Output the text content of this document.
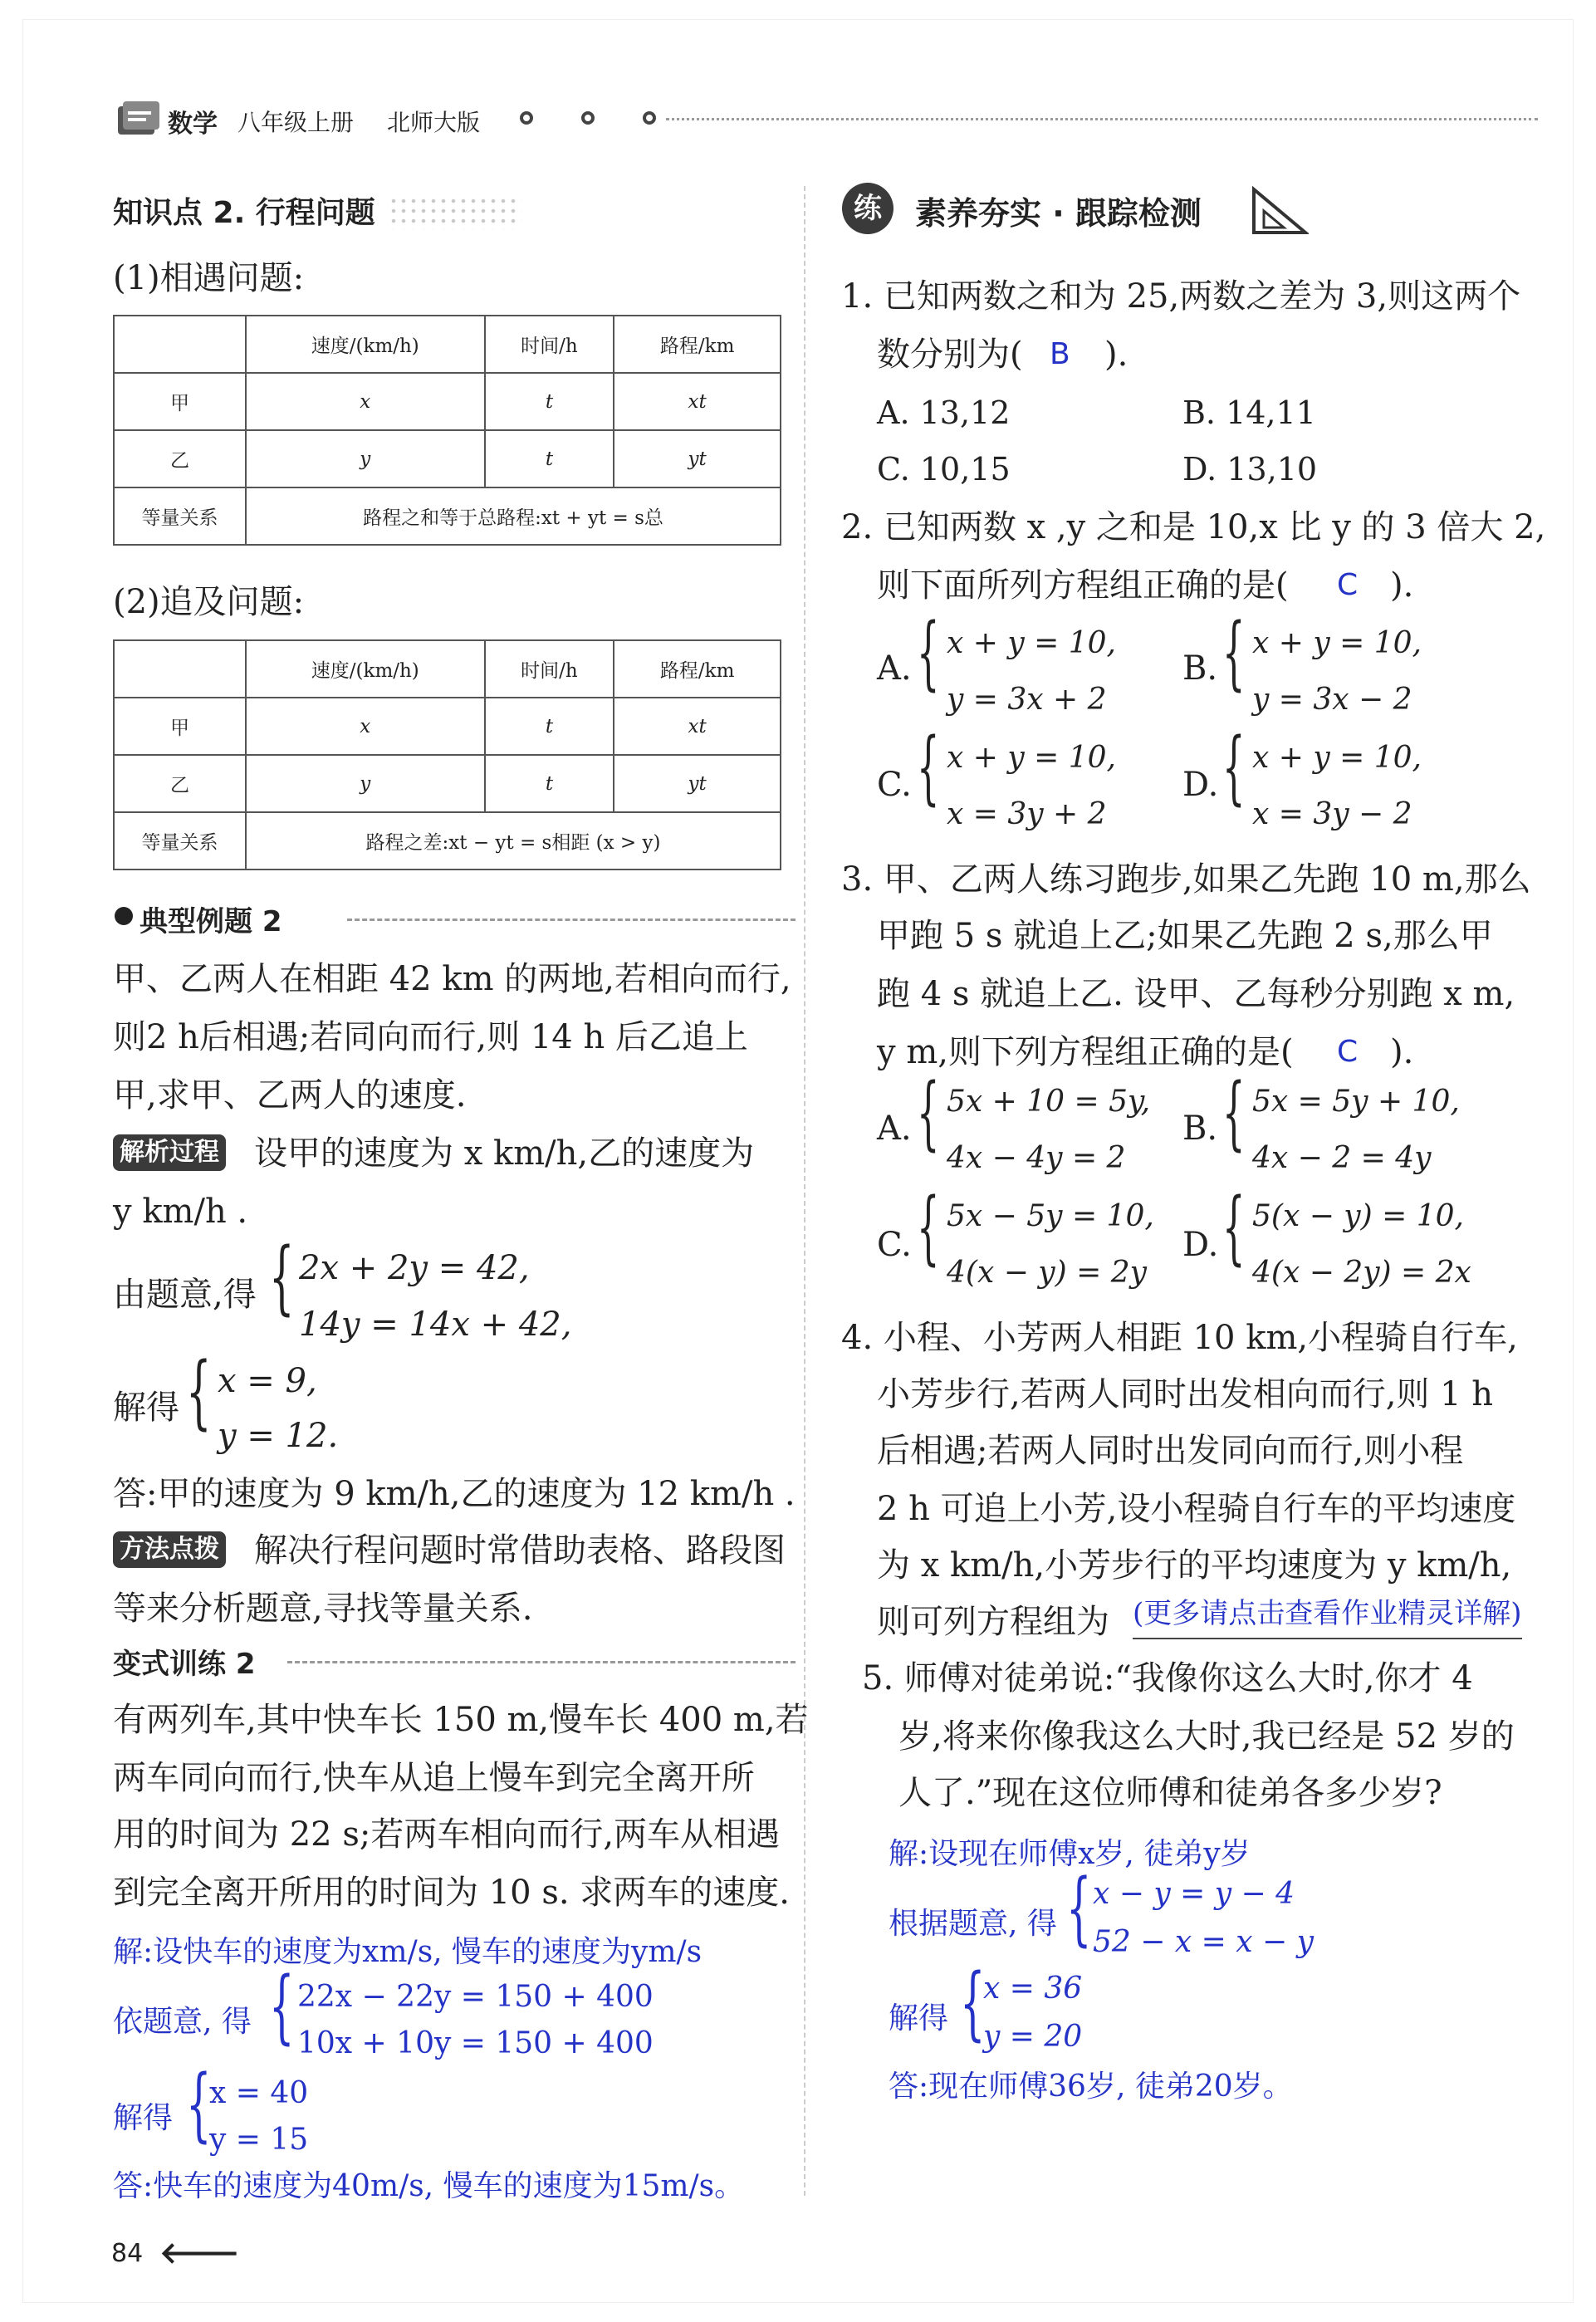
数学 八年级上册 北师大版
知识点 2. 行程问题
(1)相遇问题:
	速度/(km/h)	时间/h	路程/km
甲	x	t	xt
乙	y	t	yt
等量关系	路程之和等于总路程:xt + yt = s总		
(2)追及问题:
	速度/(km/h)	时间/h	路程/km
甲	x	t	xt
乙	y	t	yt
等量关系	路程之差:xt − yt = s相距 (x > y)		
典型例题 2
甲、乙两人在相距 42 km 的两地,若相向而行,
则2 h后相遇;若同向而行,则 14 h 后乙追上
甲,求甲、乙两人的速度.
解析过程 设甲的速度为 x km/h,乙的速度为
y km/h .
由题意,得 { 2x + 2y = 42,
14y = 14x + 42,
解得 { x = 9,
y = 12.
答:甲的速度为 9 km/h,乙的速度为 12 km/h .
方法点拨 解决行程问题时常借助表格、路段图
等来分析题意,寻找等量关系.
变式训练 2
有两列车,其中快车长 150 m,慢车长 400 m,若
两车同向而行,快车从追上慢车到完全离开所
用的时间为 22 s;若两车相向而行,两车从相遇
到完全离开所用的时间为 10 s. 求两车的速度.
解:设快车的速度为xm/s, 慢车的速度为ym/s
依题意, 得 { 22x − 22y = 150 + 400
10x + 10y = 150 + 400
解得 {
x = 40
y = 15
答:快车的速度为40m/s, 慢车的速度为15m/s。
84 🡐
练	素养夯实 · 跟踪检测
1. 已知两数之和为 25,两数之差为 3,则这两个
数分别为( B ).
A. 13,12	B. 14,11
C. 10,15	D. 13,10
2. 已知两数 x ,y 之和是 10,x 比 y 的 3 倍大 2,
则下面所列方程组正确的是( C ).
A. { x + y = 10,
y = 3x + 2
B. { x + y = 10,
y = 3x − 2
C. { x + y = 10,
x = 3y + 2
D. { x + y = 10,
x = 3y − 2
3. 甲、乙两人练习跑步,如果乙先跑 10 m,那么
甲跑 5 s 就追上乙;如果乙先跑 2 s,那么甲
跑 4 s 就追上乙. 设甲、乙每秒分别跑 x m,
y m,则下列方程组正确的是( C ).
A. { 5x + 10 = 5y,
4x − 4y = 2
B. { 5x = 5y + 10,
4x − 2 = 4y
C. { 5x − 5y = 10,
4(x − y) = 2y
D. { 5(x − y) = 10,
4(x − 2y) = 2x
4. 小程、小芳两人相距 10 km,小程骑自行车,
小芳步行,若两人同时出发相向而行,则 1 h
后相遇;若两人同时出发同向而行,则小程
2 h 可追上小芳,设小程骑自行车的平均速度
为 x km/h,小芳步行的平均速度为 y km/h,
则可列方程组为 (更多请点击查看作业精灵详解)
5. 师傅对徒弟说:“我像你这么大时,你才 4
岁,将来你像我这么大时,我已经是 52 岁的
人了.”现在这位师傅和徒弟各多少岁?
解:设现在师傅x岁, 徒弟y岁
根据题意, 得 { x − y = y − 4
52 − x = x − y
解得 {
x = 36
y = 20
答:现在师傅36岁, 徒弟20岁。
